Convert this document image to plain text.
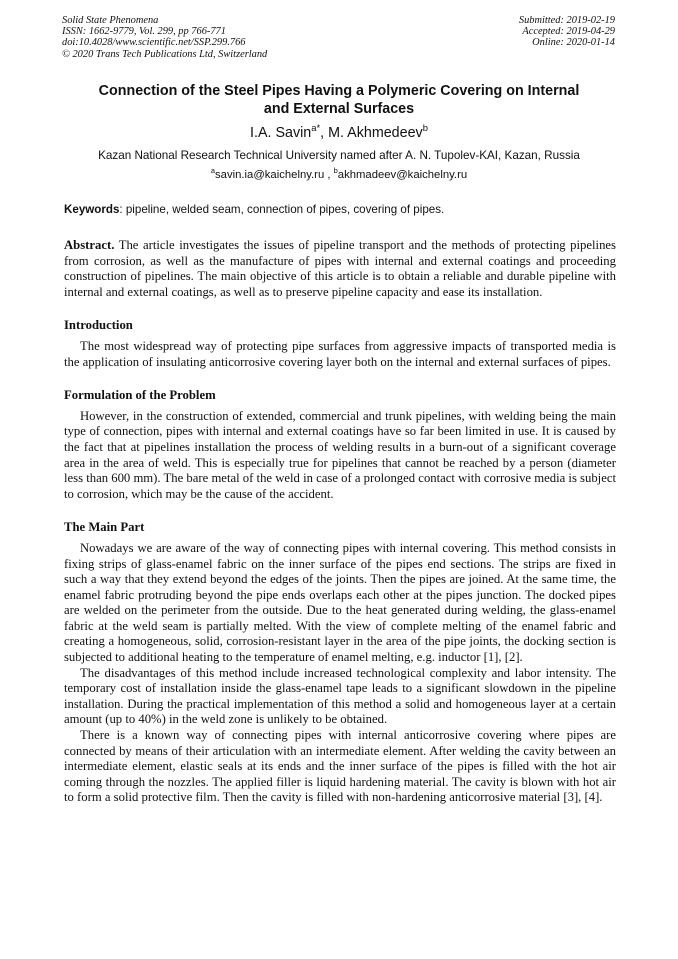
Solid State Phenomena
ISSN: 1662-9779, Vol. 299, pp 766-771
doi:10.4028/www.scientific.net/SSP.299.766
© 2020 Trans Tech Publications Ltd, Switzerland
Submitted: 2019-02-19
Accepted: 2019-04-29
Online: 2020-01-14
Connection of the Steel Pipes Having a Polymeric Covering on Internal
and External Surfaces
I.A. Savin$^{a*}$, M. Akhmedeev$^b$
Kazan National Research Technical University named after A. N. Tupolev-KAI, Kazan, Russia
$^a$savin.ia@kaichelny.ru , $^b$akhmadeev@kaichelny.ru
Keywords: pipeline, welded seam, connection of pipes, covering of pipes.

Abstract. The article investigates the issues of pipeline transport and the methods of protecting pipelines from corrosion, as well as the manufacture of pipes with internal and external coatings and proceeding construction of pipelines. The main objective of this article is to obtain a reliable and durable pipeline with internal and external coatings, as well as to preserve pipeline capacity and ease its installation.

Introduction

The most widespread way of protecting pipe surfaces from aggressive impacts of transported media is the application of insulating anticorrosive covering layer both on the internal and external surfaces of pipes.

Formulation of the Problem

However, in the construction of extended, commercial and trunk pipelines, with welding being the main type of connection, pipes with internal and external coatings have so far been limited in use. It is caused by the fact that at pipelines installation the process of welding results in a burn-out of a significant coverage area in the area of weld. This is especially true for pipelines that cannot be reached by a person (diameter less than 600 mm). The bare metal of the weld in case of a prolonged contact with corrosive media is subject to corrosion, which may be the cause of the accident.

The Main Part

Nowadays we are aware of the way of connecting pipes with internal covering. This method consists in fixing strips of glass-enamel fabric on the inner surface of the pipes end sections. The strips are fixed in such a way that they extend beyond the edges of the joints. Then the pipes are joined. At the same time, the enamel fabric protruding beyond the pipe ends overlaps each other at the pipes junction. The docked pipes are welded on the perimeter from the outside. Due to the heat generated during welding, the glass-enamel fabric at the weld seam is partially melted. With the view of complete melting of the enamel fabric and creating a homogeneous, solid, corrosion-resistant layer in the area of the pipe joints, the docking section is subjected to additional heating to the temperature of enamel melting, e.g. inductor [1], [2].

The disadvantages of this method include increased technological complexity and labor intensity. The temporary cost of installation inside the glass-enamel tape leads to a significant slowdown in the pipeline installation. During the practical implementation of this method a solid and homogeneous layer at a certain amount (up to 40%) in the weld zone is unlikely to be obtained.

There is a known way of connecting pipes with internal anticorrosive covering where pipes are connected by means of their articulation with an intermediate element. After welding the cavity between an intermediate element, elastic seals at its ends and the inner surface of the pipes is filled with the hot air coming through the nozzles. The applied filler is liquid hardening material. The cavity is blown with hot air to form a solid protective film. Then the cavity is filled with non-hardening anticorrosive material [3], [4].
